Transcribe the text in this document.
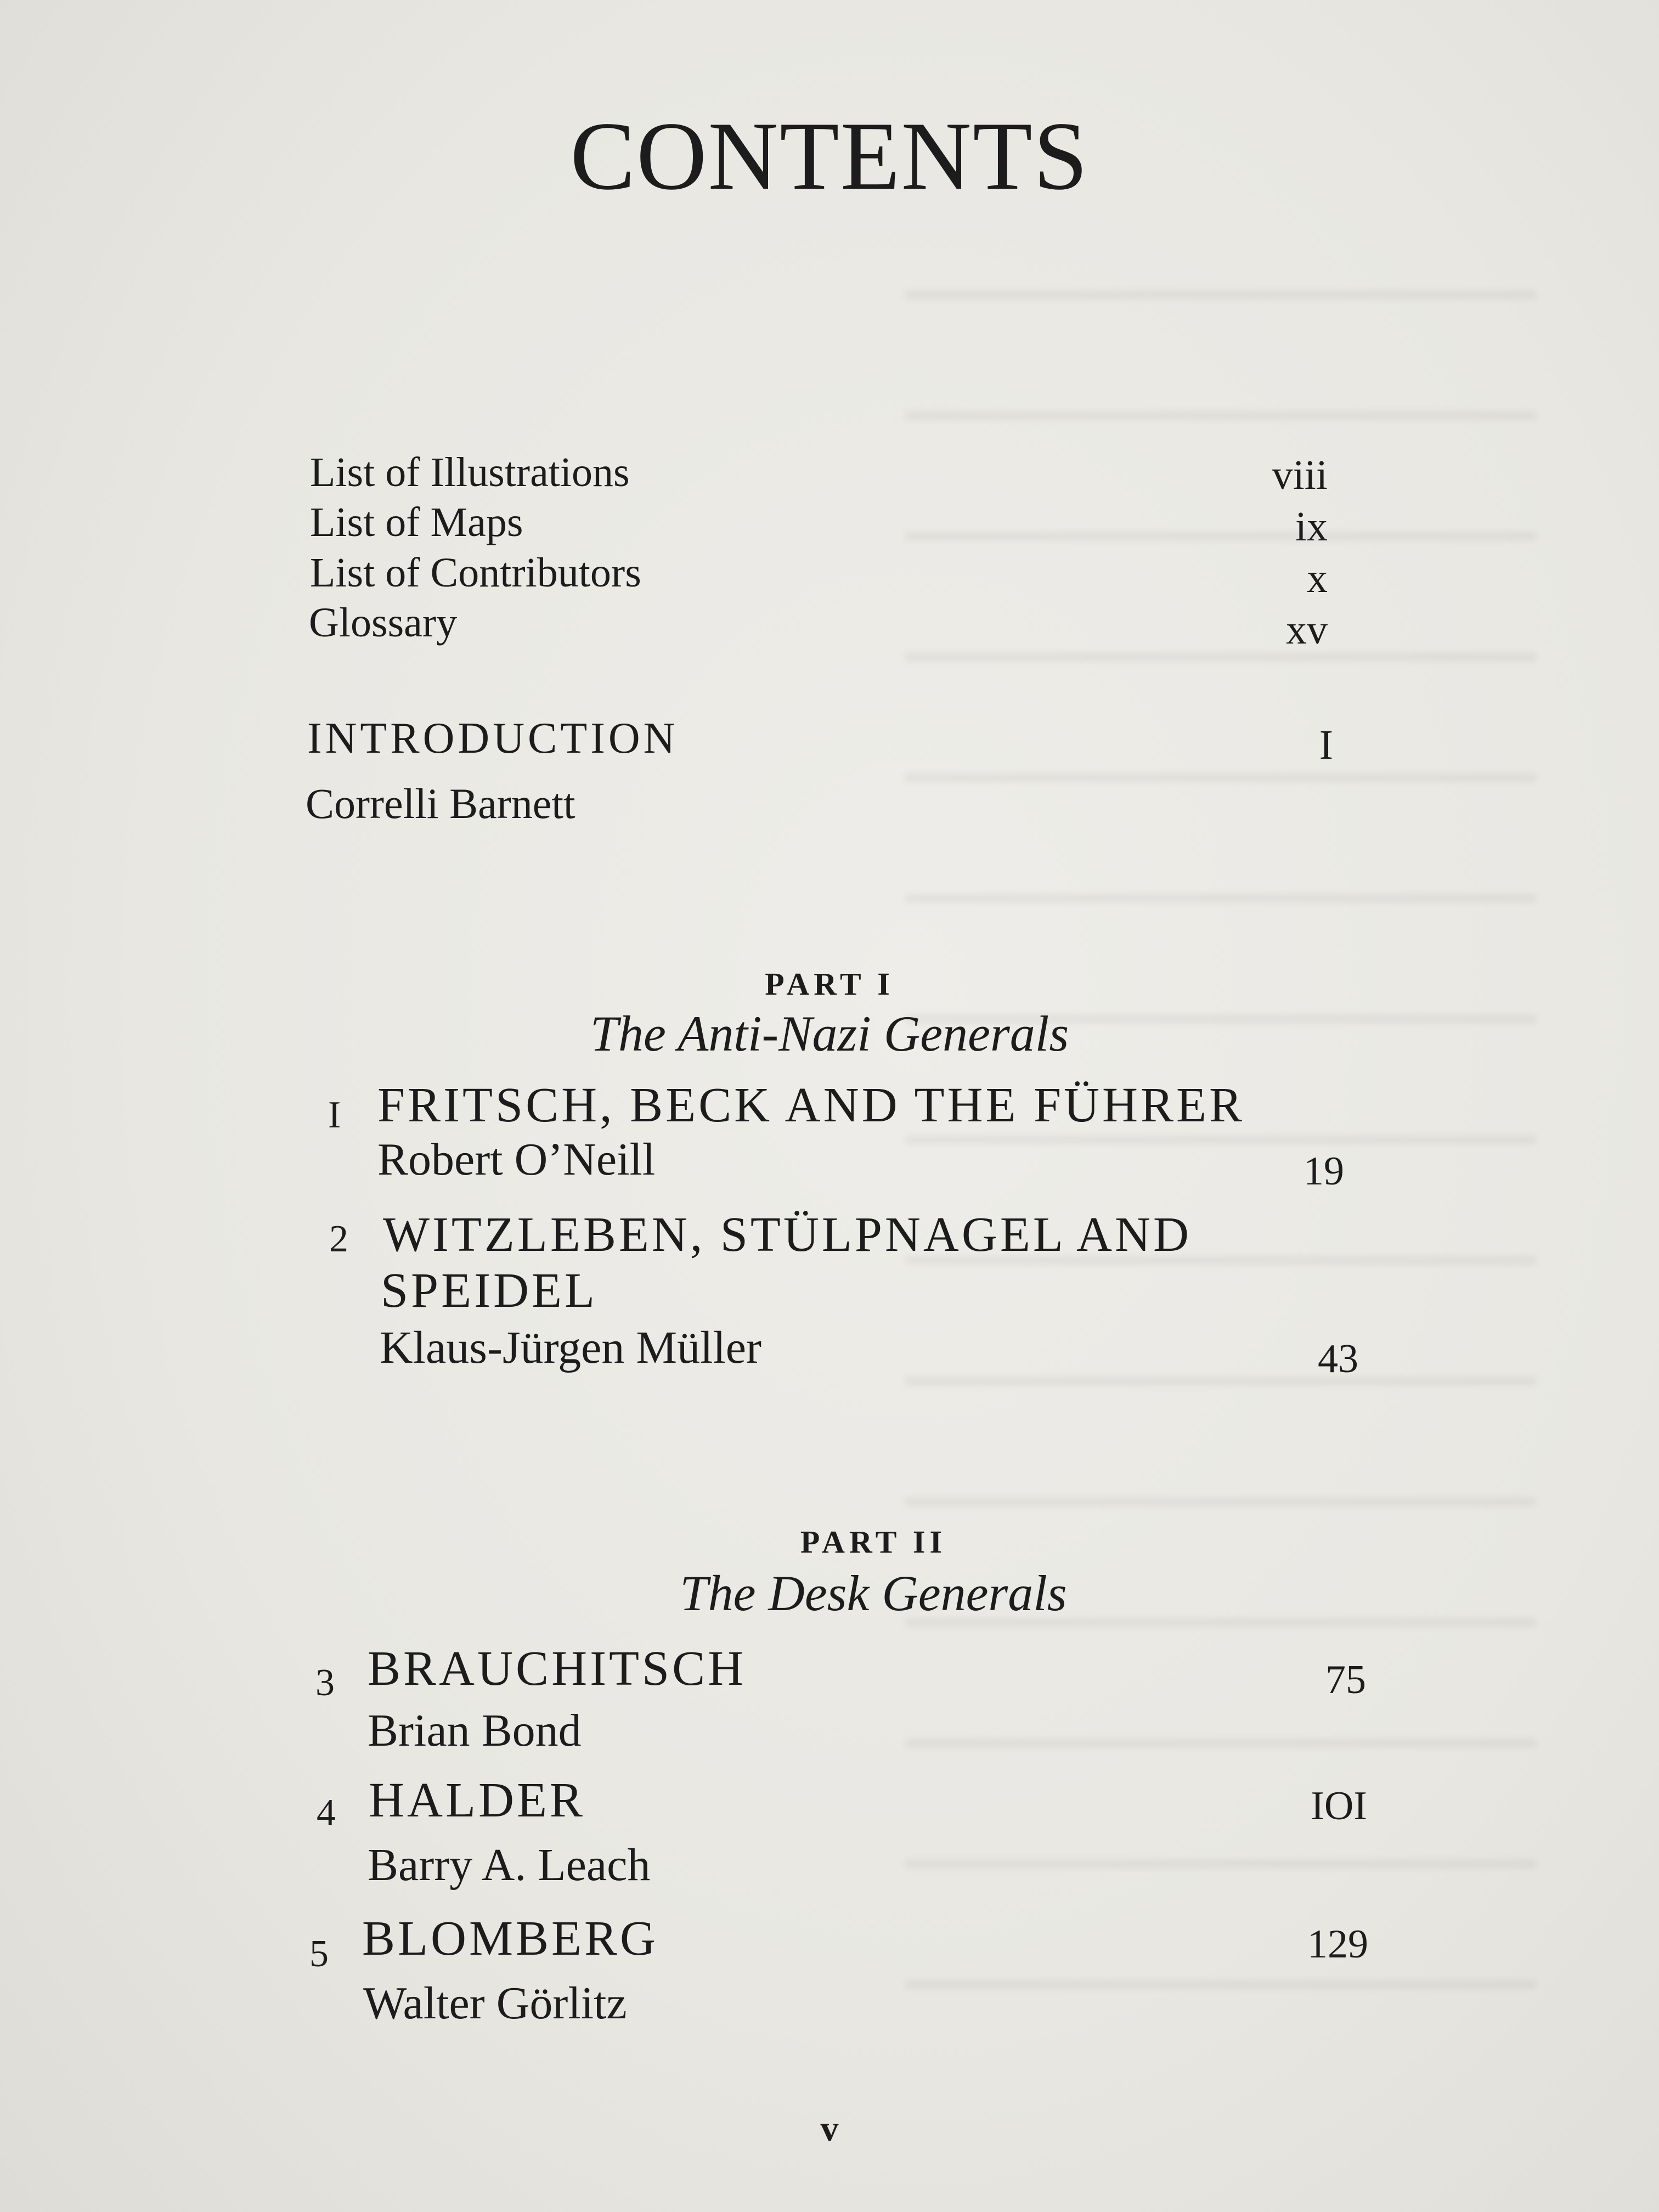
CONTENTS
List of Illustrations	viii
List of Maps	ix
List of Contributors	x
Glossary	xv
INTRODUCTION	I
Correlli Barnett
PART I
The Anti-Nazi Generals
I FRITSCH, BECK AND THE FÜHRER
Robert O’Neill	19
2 WITZLEBEN, STÜLPNAGEL AND
SPEIDEL
Klaus-Jürgen Müller	43
PART II
The Desk Generals
3 BRAUCHITSCH	75
Brian Bond
4 HALDER	IOI
Barry A. Leach
5 BLOMBERG	129
Walter Görlitz
v
